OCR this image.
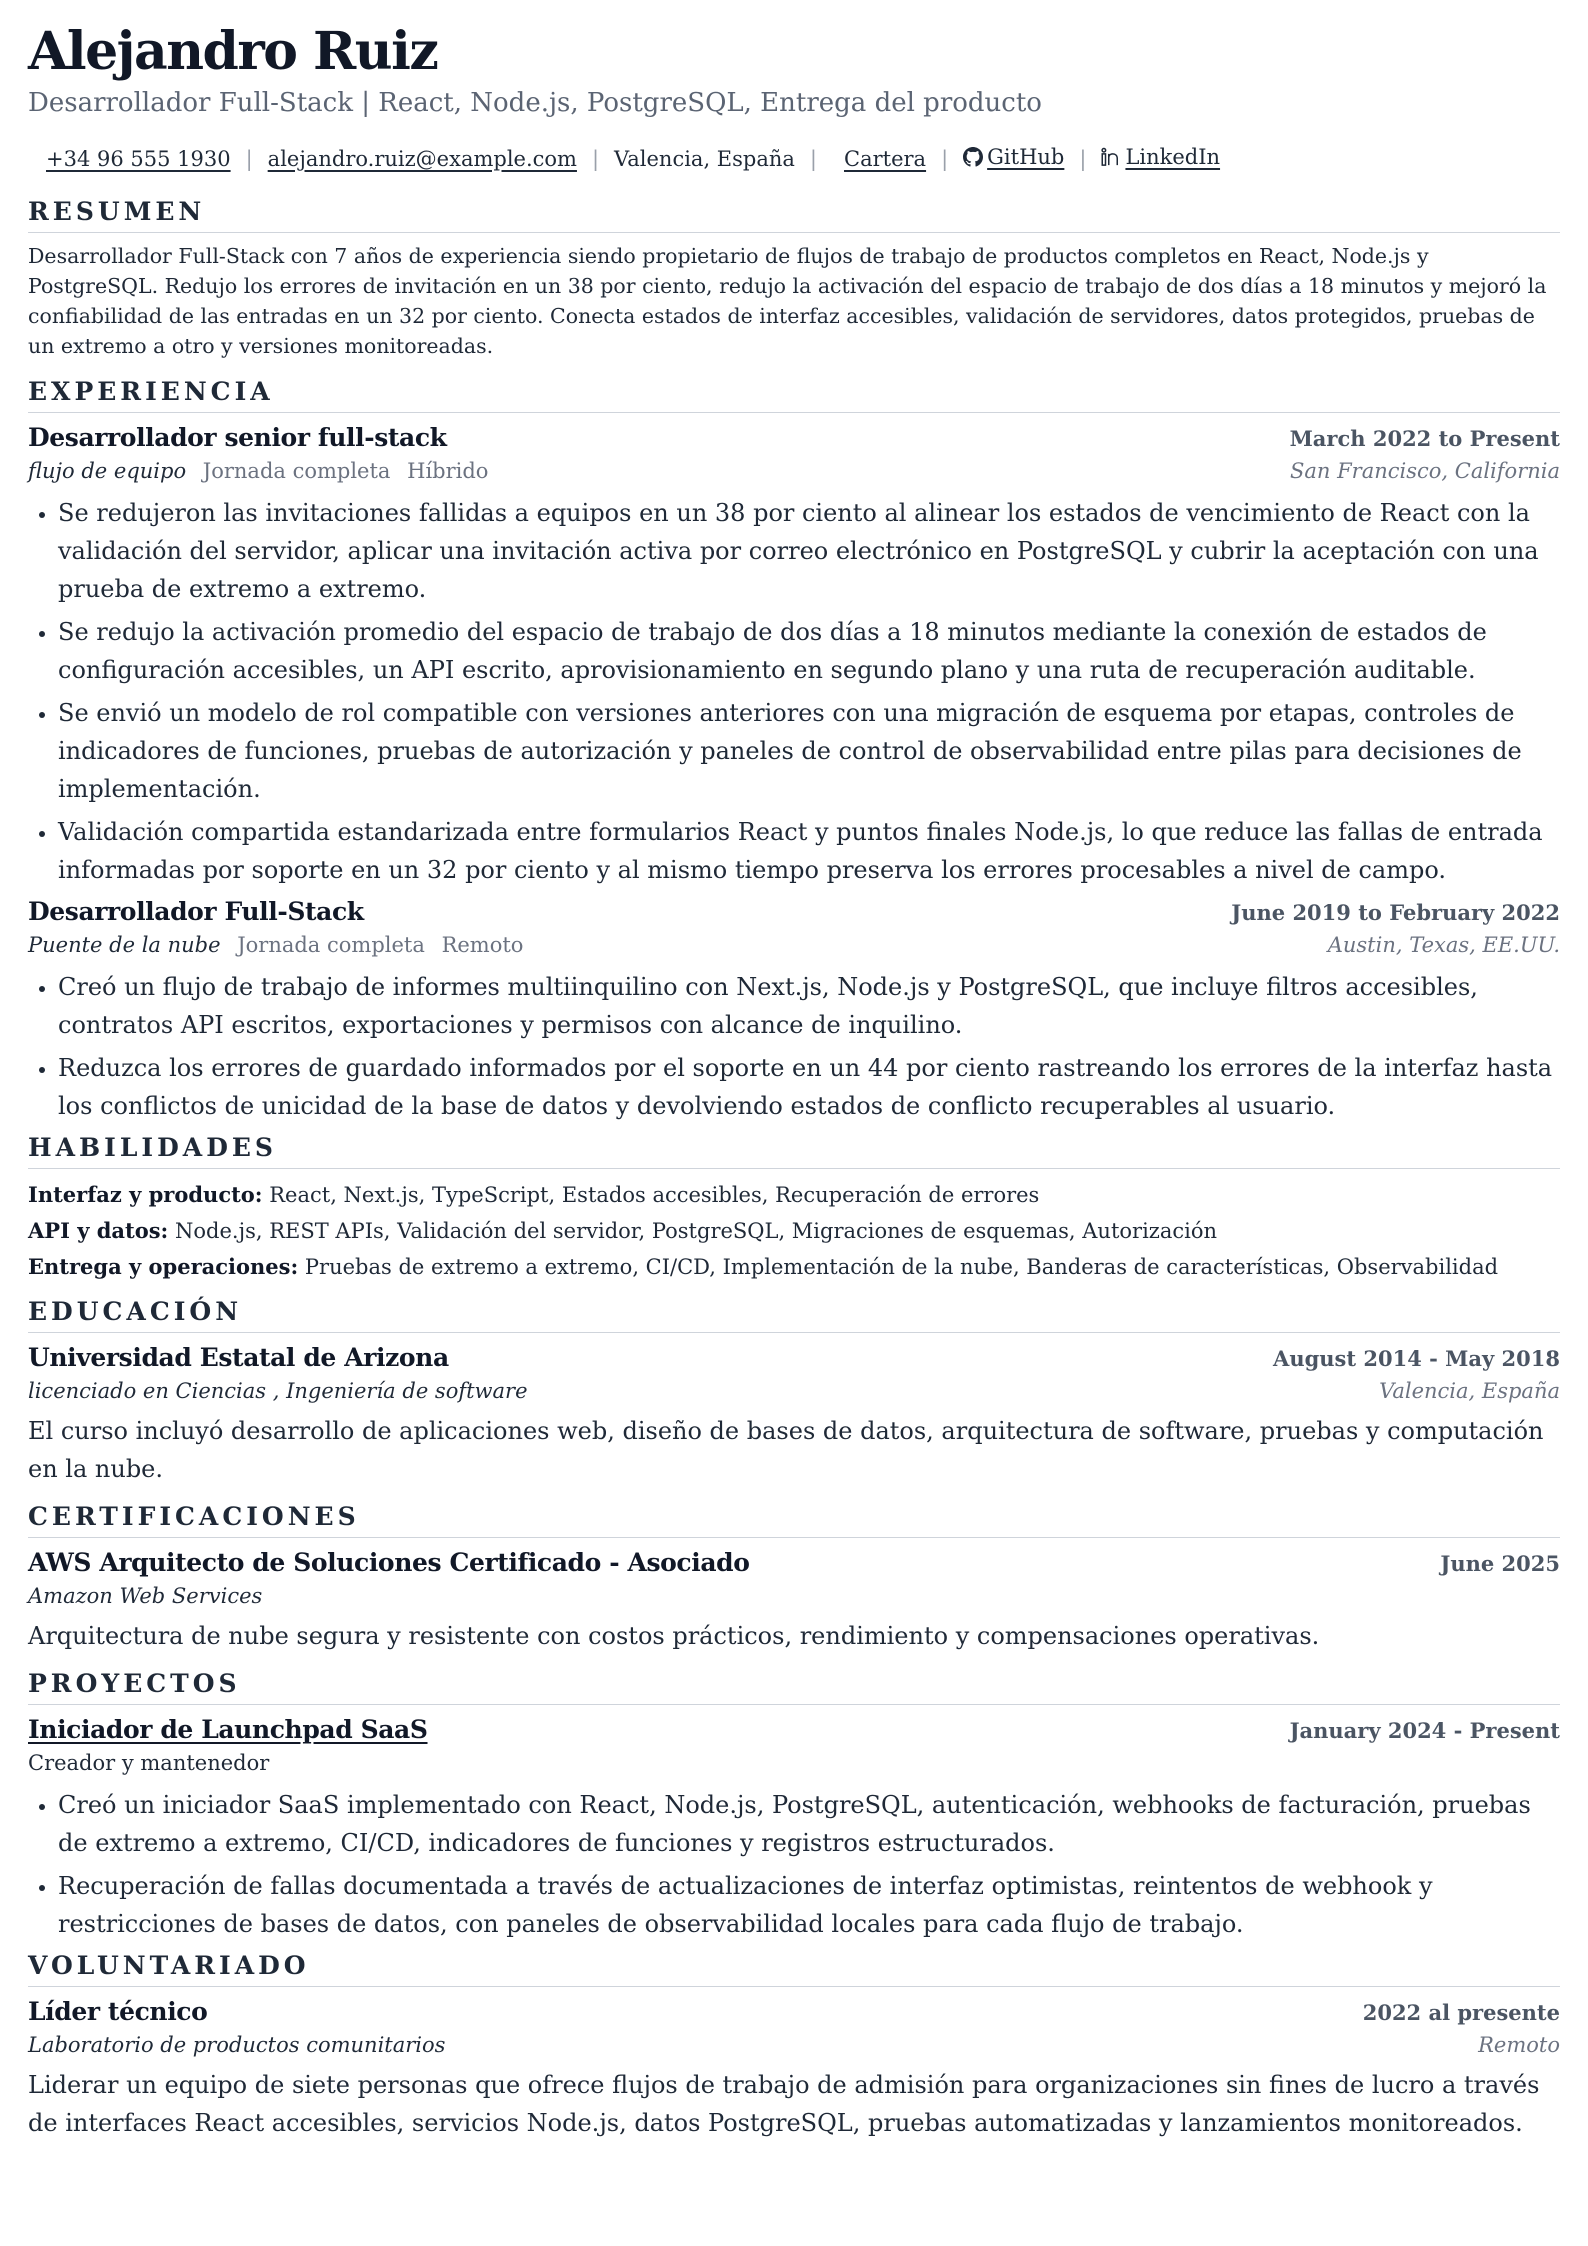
Alejandro Ruiz
Desarrollador Full-Stack | React, Node.js, PostgreSQL, Entrega del producto
+34 96 555 1930 | alejandro.ruiz@example.com | Valencia, España | Cartera |	GitHub |	LinkedIn
RESUMEN
Desarrollador Full-Stack con 7 años de experiencia siendo propietario de flujos de trabajo de productos completos en React, Node.js y PostgreSQL. Redujo los errores de invitación en un 38 por ciento, redujo la activación del espacio de trabajo de dos días a 18 minutos y mejoró la confiabilidad de las entradas en un 32 por ciento. Conecta estados de interfaz accesibles, validación de servidores, datos protegidos, pruebas de un extremo a otro y versiones monitoreadas.
EXPERIENCIA
Desarrollador senior full-stack	March 2022 to Present
flujo de equipo Jornada completa Híbrido	San Francisco, California
• Se redujeron las invitaciones fallidas a equipos en un 38 por ciento al alinear los estados de vencimiento de React con la validación del servidor, aplicar una invitación activa por correo electrónico en PostgreSQL y cubrir la aceptación con una prueba de extremo a extremo.
• Se redujo la activación promedio del espacio de trabajo de dos días a 18 minutos mediante la conexión de estados de configuración accesibles, un API escrito, aprovisionamiento en segundo plano y una ruta de recuperación auditable.
• Se envió un modelo de rol compatible con versiones anteriores con una migración de esquema por etapas, controles de indicadores de funciones, pruebas de autorización y paneles de control de observabilidad entre pilas para decisiones de implementación.
• Validación compartida estandarizada entre formularios React y puntos finales Node.js, lo que reduce las fallas de entrada informadas por soporte en un 32 por ciento y al mismo tiempo preserva los errores procesables a nivel de campo.
Desarrollador Full-Stack	June 2019 to February 2022
Puente de la nube Jornada completa Remoto	Austin, Texas, EE.UU.
• Creó un flujo de trabajo de informes multiinquilino con Next.js, Node.js y PostgreSQL, que incluye filtros accesibles, contratos API escritos, exportaciones y permisos con alcance de inquilino.
• Reduzca los errores de guardado informados por el soporte en un 44 por ciento rastreando los errores de la interfaz hasta los conflictos de unicidad de la base de datos y devolviendo estados de conflicto recuperables al usuario.
HABILIDADES
Interfaz y producto: React, Next.js, TypeScript, Estados accesibles, Recuperación de errores
API y datos: Node.js, REST APIs, Validación del servidor, PostgreSQL, Migraciones de esquemas, Autorización
Entrega y operaciones: Pruebas de extremo a extremo, CI/CD, Implementación de la nube, Banderas de características, Observabilidad
EDUCACIÓN
Universidad Estatal de Arizona	August 2014 - May 2018
licenciado en Ciencias , Ingeniería de software	Valencia, España
El curso incluyó desarrollo de aplicaciones web, diseño de bases de datos, arquitectura de software, pruebas y computación en la nube.
CERTIFICACIONES
AWS Arquitecto de Soluciones Certificado - Asociado	June 2025
Amazon Web Services
Arquitectura de nube segura y resistente con costos prácticos, rendimiento y compensaciones operativas.
PROYECTOS
Iniciador de Launchpad SaaS	January 2024 - Present
Creador y mantenedor
• Creó un iniciador SaaS implementado con React, Node.js, PostgreSQL, autenticación, webhooks de facturación, pruebas de extremo a extremo, CI/CD, indicadores de funciones y registros estructurados.
• Recuperación de fallas documentada a través de actualizaciones de interfaz optimistas, reintentos de webhook y restricciones de bases de datos, con paneles de observabilidad locales para cada flujo de trabajo.
VOLUNTARIADO
Líder técnico	2022 al presente
Laboratorio de productos comunitarios	Remoto
Liderar un equipo de siete personas que ofrece flujos de trabajo de admisión para organizaciones sin fines de lucro a través de interfaces React accesibles, servicios Node.js, datos PostgreSQL, pruebas automatizadas y lanzamientos monitoreados.
